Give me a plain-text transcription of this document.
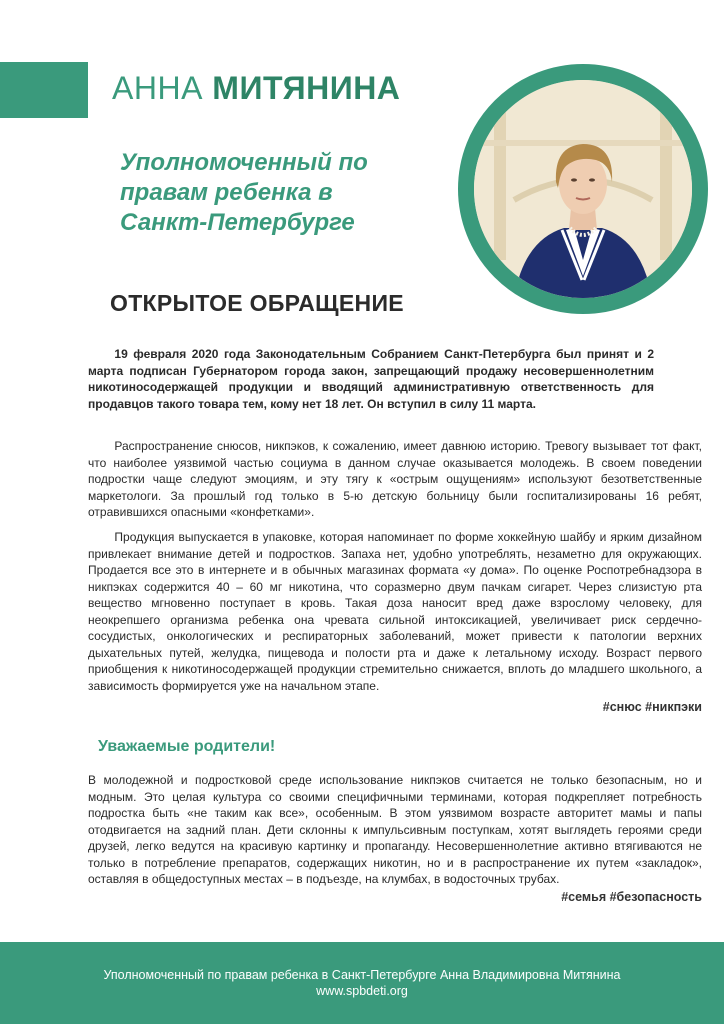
АННА МИТЯНИНА
Уполномоченный по правам ребенка в Санкт-Петербурге
ОТКРЫТОЕ ОБРАЩЕНИЕ
19 февраля 2020 года Законодательным Собранием Санкт-Петербурга был принят и 2 марта подписан Губернатором города закон, запрещающий продажу несовершеннолетним никотиносодержащей продукции и вводящий административную ответственность для продавцов такого товара тем, кому нет 18 лет. Он вступил в силу 11 марта.
Распространение снюсов, никпэков, к сожалению, имеет давнюю историю. Тревогу вызывает тот факт, что наиболее уязвимой частью социума в данном случае оказывается молодежь. В своем поведении подростки чаще следуют эмоциям, и эту тягу к «острым ощущениям» используют безответственные маркетологи. За прошлый год только в 5-ю детскую больницу были госпитализированы 16 ребят, отравившихся опасными «конфетками».
Продукция выпускается в упаковке, которая напоминает по форме хоккейную шайбу и ярким дизайном привлекает внимание детей и подростков. Запаха нет, удобно употреблять, незаметно для окружающих. Продается все это в интернете и в обычных магазинах формата «у дома». По оценке Роспотребнадзора в никпэках содержится 40 – 60 мг никотина, что соразмерно двум пачкам сигарет. Через слизистую рта вещество мгновенно поступает в кровь. Такая доза наносит вред даже взрослому человеку, для неокрепшего организма ребенка она чревата сильной интоксикацией, увеличивает риск сердечно-сосудистых, онкологических и респираторных заболеваний, может привести к патологии верхних дыхательных путей, желудка, пищевода и полости рта и даже к летальному исходу. Возраст первого приобщения к никотиносодержащей продукции стремительно снижается, вплоть до младшего школьного, а зависимость формируется уже на начальном этапе.
#снюс #никпэки
Уважаемые родители!
В молодежной и подростковой среде использование никпэков считается не только безопасным, но и модным. Это целая культура со своими специфичными терминами, которая подкрепляет потребность подростка быть «не таким как все», особенным. В этом уязвимом возрасте авторитет мамы и папы отодвигается на задний план. Дети склонны к импульсивным поступкам, хотят выглядеть героями среди друзей, легко ведутся на красивую картинку и пропаганду. Несовершеннолетние активно втягиваются не только в потребление препаратов, содержащих никотин, но и в распространение их путем «закладок», оставляя в общедоступных местах – в подъезде, на клумбах, в водосточных трубах.
#семья #безопасность
Уполномоченный по правам ребенка в Санкт-Петербурге Анна Владимировна Митянина
www.spbdeti.org
